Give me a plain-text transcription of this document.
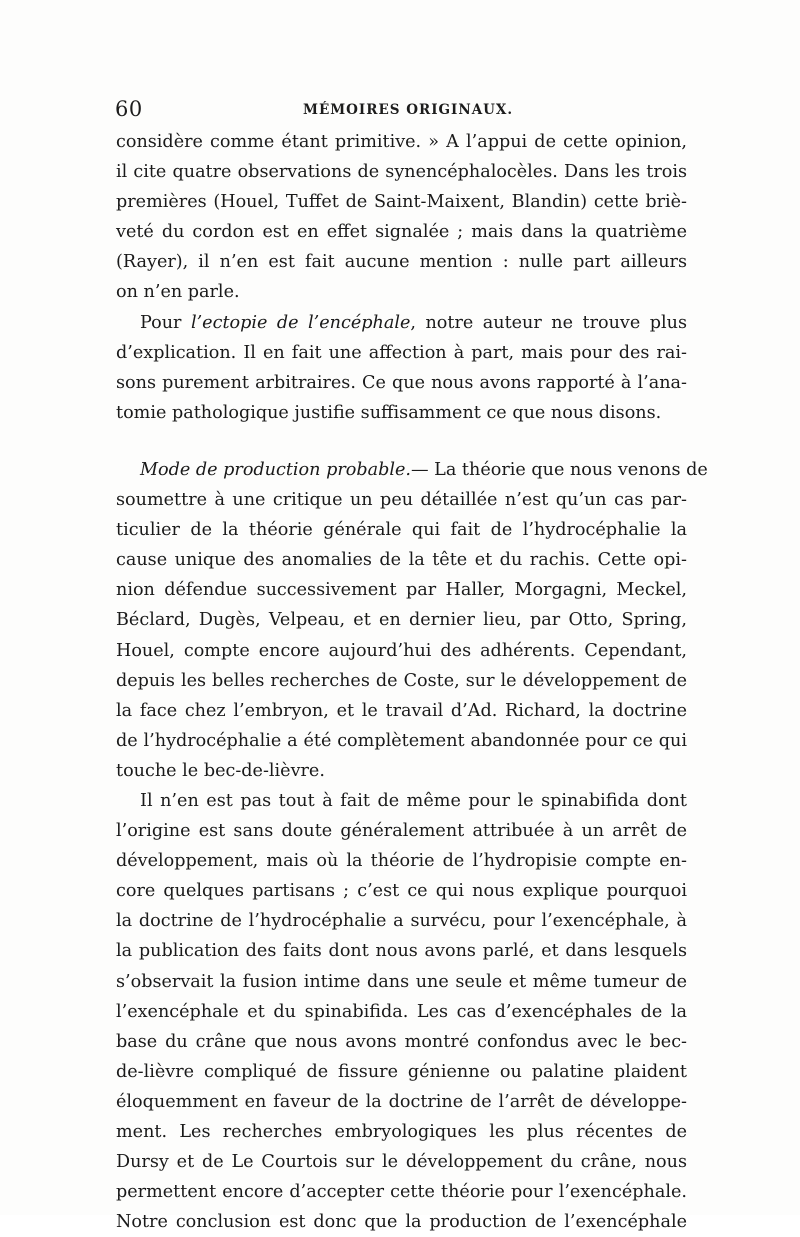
60	MÉMOIRES ORIGINAUX.
considère comme étant primitive. » A l’appui de cette opinion,
il cite quatre observations de synencéphalocèles. Dans les trois
premières (Houel, Tuffet de Saint-Maixent, Blandin) cette briè-
veté du cordon est en effet signalée ; mais dans la quatrième
(Rayer), il n’en est fait aucune mention : nulle part ailleurs
on n’en parle.
Pour l’ectopie de l’encéphale, notre auteur ne trouve plus
d’explication. Il en fait une affection à part, mais pour des rai-
sons purement arbitraires. Ce que nous avons rapporté à l’ana-
tomie pathologique justifie suffisamment ce que nous disons.
Mode de production probable.— La théorie que nous venons de
soumettre à une critique un peu détaillée n’est qu’un cas par-
ticulier de la théorie générale qui fait de l’hydrocéphalie la
cause unique des anomalies de la tête et du rachis. Cette opi-
nion défendue successivement par Haller, Morgagni, Meckel,
Béclard, Dugès, Velpeau, et en dernier lieu, par Otto, Spring,
Houel, compte encore aujourd’hui des adhérents. Cependant,
depuis les belles recherches de Coste, sur le développement de
la face chez l’embryon, et le travail d’Ad. Richard, la doctrine
de l’hydrocéphalie a été complètement abandonnée pour ce qui
touche le bec-de-lièvre.
Il n’en est pas tout à fait de même pour le spinabifida dont
l’origine est sans doute généralement attribuée à un arrêt de
développement, mais où la théorie de l’hydropisie compte en-
core quelques partisans ; c’est ce qui nous explique pourquoi
la doctrine de l’hydrocéphalie a survécu, pour l’exencéphale, à
la publication des faits dont nous avons parlé, et dans lesquels
s’observait la fusion intime dans une seule et même tumeur de
l’exencéphale et du spinabifida. Les cas d’exencéphales de la
base du crâne que nous avons montré confondus avec le bec-
de-lièvre compliqué de fissure génienne ou palatine plaident
éloquemment en faveur de la doctrine de l’arrêt de développe-
ment. Les recherches embryologiques les plus récentes de
Dursy et de Le Courtois sur le développement du crâne, nous
permettent encore d’accepter cette théorie pour l’exencéphale.
Notre conclusion est donc que la production de l’exencéphale
